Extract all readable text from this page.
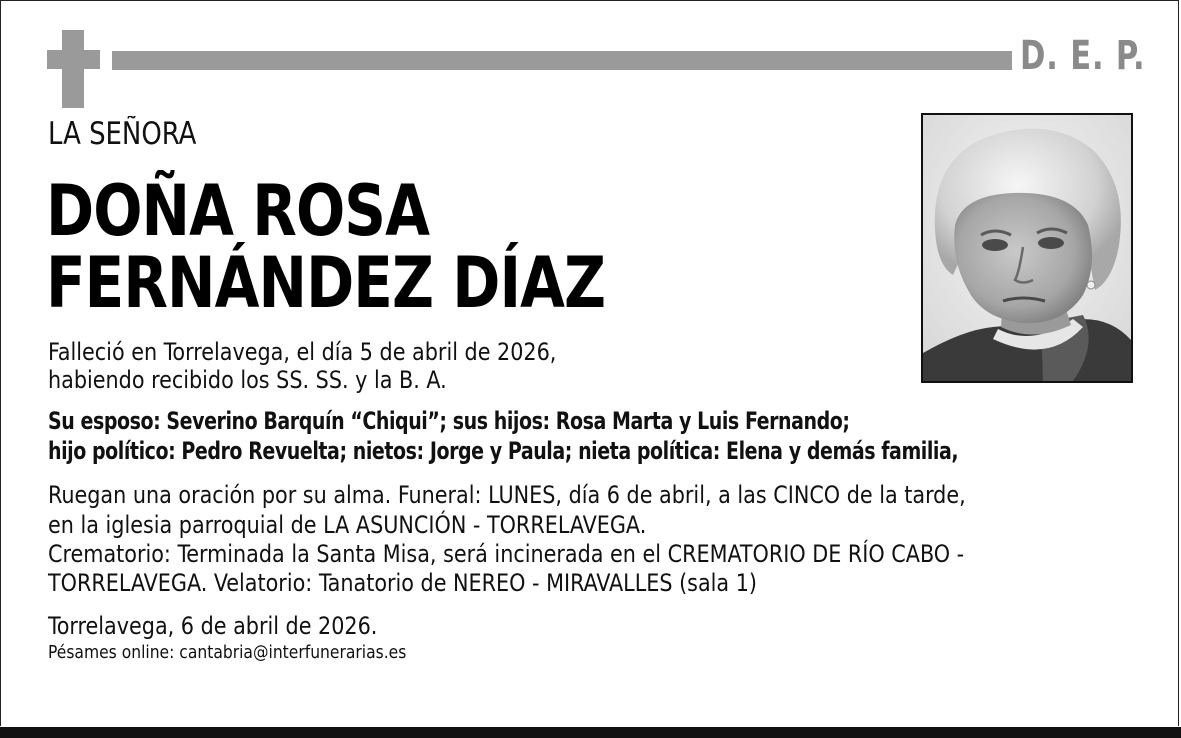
D. E. P.
LA SEÑORA
DOÑA ROSA
FERNÁNDEZ DÍAZ
Falleció en Torrelavega, el día 5 de abril de 2026,
habiendo recibido los SS. SS. y la B. A.
Su esposo: Severino Barquín “Chiqui”; sus hijos: Rosa Marta y Luis Fernando;
hijo político: Pedro Revuelta; nietos: Jorge y Paula; nieta política: Elena y demás familia,
Ruegan una oración por su alma. Funeral: LUNES, día 6 de abril, a las CINCO de la tarde,
en la iglesia parroquial de LA ASUNCIÓN - TORRELAVEGA.
Crematorio: Terminada la Santa Misa, será incinerada en el CREMATORIO DE RÍO CABO -
TORRELAVEGA. Velatorio: Tanatorio de NEREO - MIRAVALLES (sala 1)
Torrelavega, 6 de abril de 2026.
Pésames online: cantabria@interfunerarias.es
